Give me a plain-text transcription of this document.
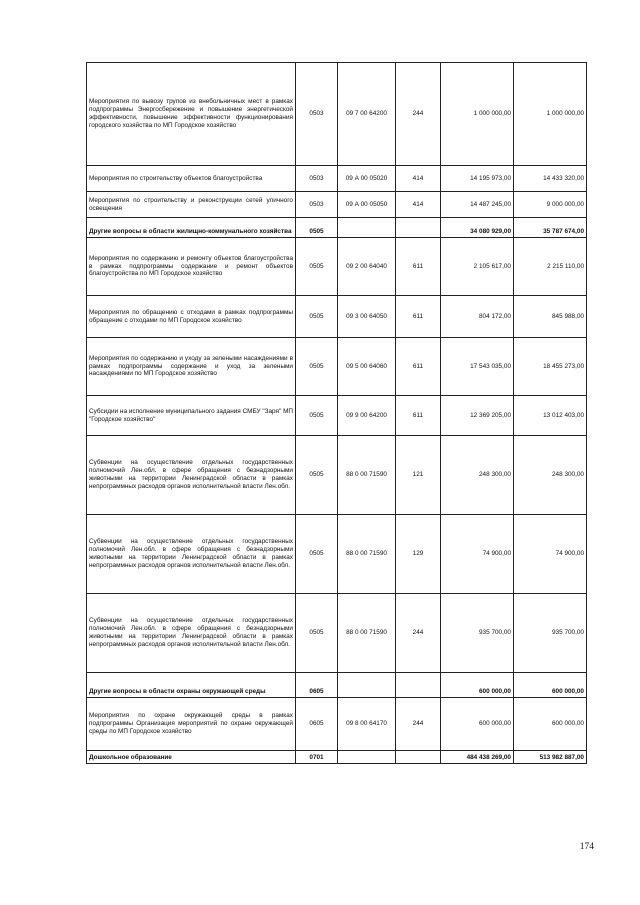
Мероприятия по вывозу трупов из внебольничных мест в рамках подпрограммы Энергосбережение и повышение энергетической эффективности, повышение эффективности функционирования городского хозяйства по МП Городское хозяйство	0503	09 7 00 64200	244	1 000 000,00	1 000 000,00
Мероприятия по строительству объектов благоустройства	0503	09 А 00 05020	414	14 195 973,00	14 433 320,00
Мероприятия по строительству и реконструкции сетей уличного освещения	0503	09 А 00 05050	414	14 487 245,00	9 000 000,00
Другие вопросы в области жилищно-коммунального хозяйства	0505			34 080 929,00	35 787 674,00
Мероприятия по содержанию и ремонту объектов благоустройства в рамках подпрограммы содержание и ремонт объектов благоустройства по МП Городское хозяйство	0505	09 2 00 64040	611	2 105 617,00	2 215 110,00
Мероприятия по обращению с отходами в рамках подпрограммы обращение с отходами по МП Городское хозяйство	0505	09 3 00 64050	611	804 172,00	845 988,00
Мероприятия по содержанию и уходу за зелеными насаждениями в рамках подпрограммы содержание и уход за зелеными насаждениями по МП Городское хозяйство	0505	09 5 00 64060	611	17 543 035,00	18 455 273,00
Субсидии на исполнение муниципального задания СМБУ "Заря" МП "Городское хозяйство"	0505	09 9 00 64200	611	12 369 205,00	13 012 403,00
Субвенции на осуществление отдельных государственных полномочий Лен.обл. в сфере обращения с безнадзорными животными на территории Ленинградской области в рамках непрограммных расходов органов исполнительной власти Лен.обл.	0505	88 0 00 71590	121	248 300,00	248 300,00
Субвенции на осуществление отдельных государственных полномочий Лен.обл. в сфере обращения с безнадзорными животными на территории Ленинградской области в рамках непрограммных расходов органов исполнительной власти Лен.обл.	0505	88 0 00 71590	129	74 900,00	74 900,00
Субвенции на осуществление отдельных государственных полномочий Лен.обл. в сфере обращения с безнадзорными животными на территории Ленинградской области в рамках непрограммных расходов органов исполнительной власти Лен.обл.	0505	88 0 00 71590	244	935 700,00	935 700,00
Другие вопросы в области охраны окружающей среды	0605			600 000,00	600 000,00
Мероприятия по охране окружающей среды в рамках подпрограммы Организация мероприятий по охране окружающей среды по МП Городское хозяйство	0605	09 8 00 64170	244	600 000,00	600 000,00
Дошкольное образование	0701			484 438 269,00	513 982 887,00
174
